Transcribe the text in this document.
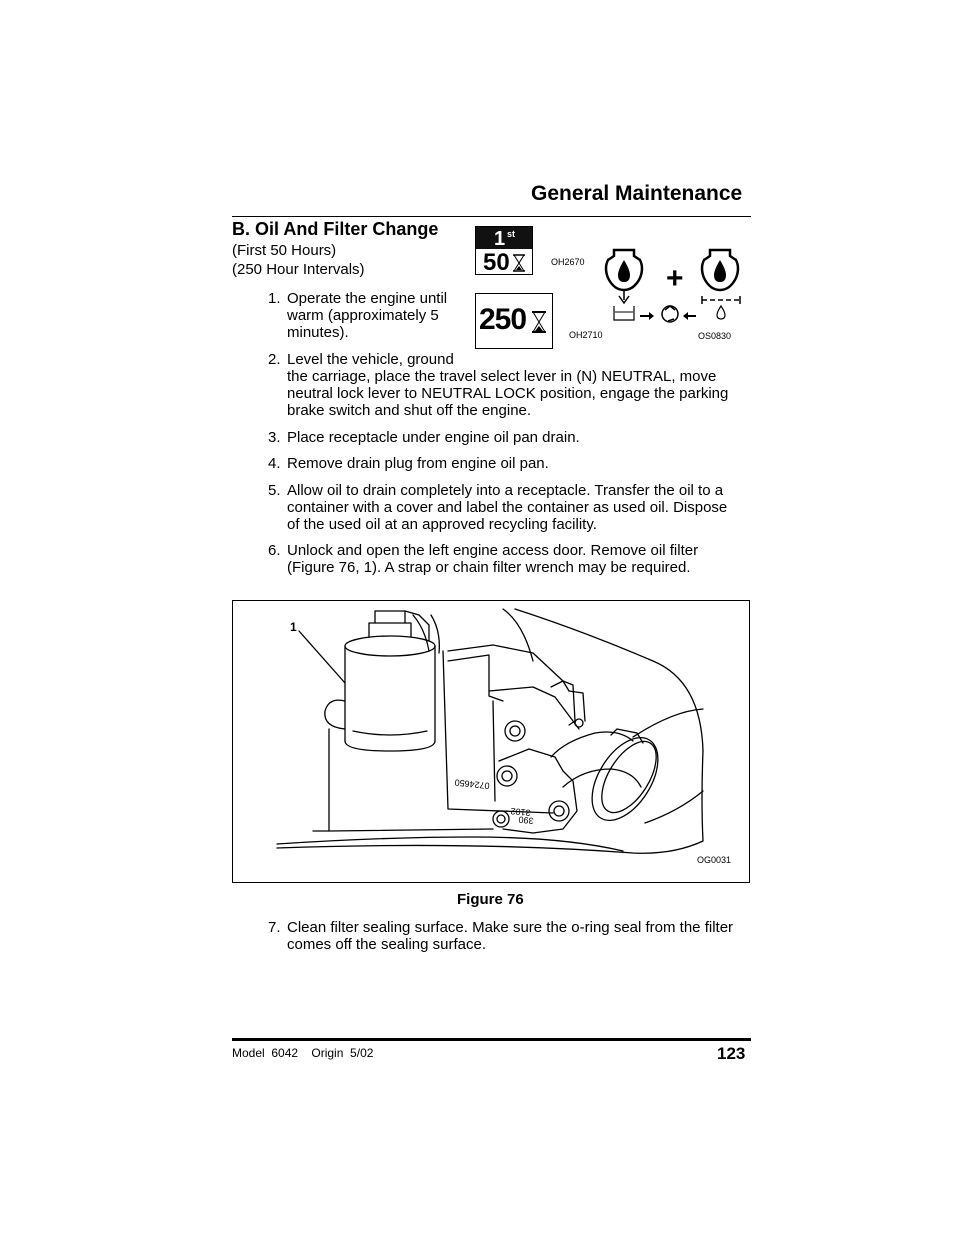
General Maintenance
B. Oil And Filter Change
(First 50 Hours)
(250 Hour Intervals)
1 st
50	OH2670
250	OH2710
+
OS0830
1. Operate the engine until
warm (approximately 5
minutes).
2. Level the vehicle, ground
the carriage, place the travel select lever in (N) NEUTRAL, move
neutral lock lever to NEUTRAL LOCK position, engage the parking
brake switch and shut off the engine.
3. Place receptacle under engine oil pan drain.
4. Remove drain plug from engine oil pan.
5. Allow oil to drain completely into a receptacle. Transfer the oil to a
container with a cover and label the container as used oil. Dispose
of the used oil at an approved recycling facility.
6. Unlock and open the left engine access door. Remove oil filter
(Figure 76, 1). A strap or chain filter wrench may be required.
1
0724650
3102
390
OG0031
Figure 76
7. Clean filter sealing surface. Make sure the o-ring seal from the filter
comes off the sealing surface.
Model  6042    Origin  5/02	123
